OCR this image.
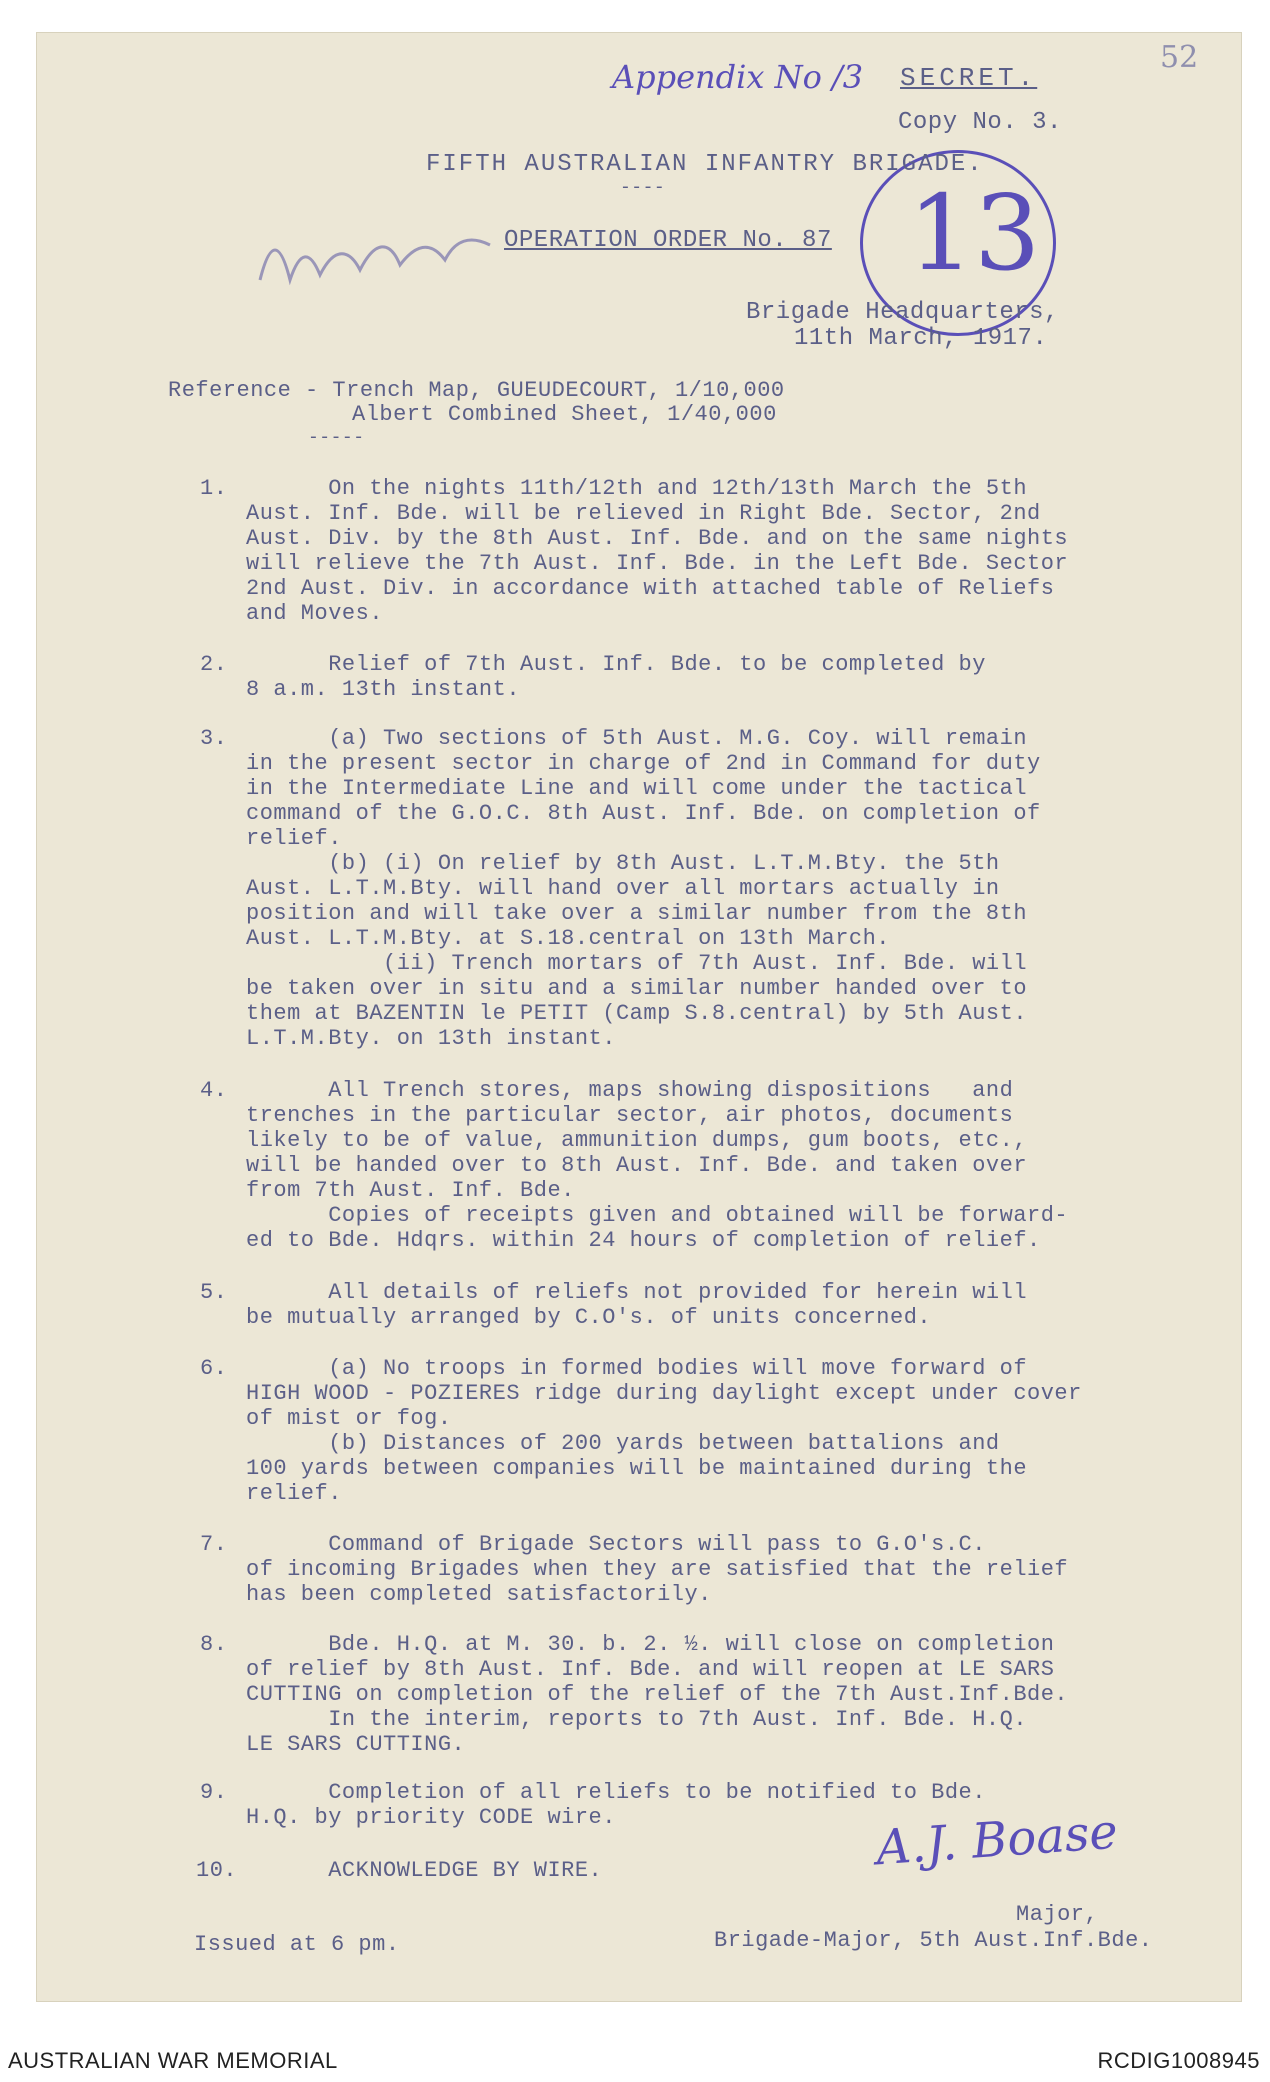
Appendix No /3 SECRET.
Copy No. 3.
52
13
FIFTH AUSTRALIAN INFANTRY BRIGADE.
----
OPERATION ORDER No. 87
Brigade Headquarters,
11th March, 1917.
Reference - Trench Map, GUEUDECOURT, 1/10,000
Albert Combined Sheet, 1/40,000
-----
1. On the nights 11th/12th and 12th/13th March the 5th

Aust. Inf. Bde. will be relieved in Right Bde. Sector, 2nd

Aust. Div. by the 8th Aust. Inf. Bde. and on the same nights

will relieve the 7th Aust. Inf. Bde. in the Left Bde. Sector

2nd Aust. Div. in accordance with attached table of Reliefs

and Moves.

2. Relief of 7th Aust. Inf. Bde. to be completed by

8 a.m. 13th instant.

3. (a) Two sections of 5th Aust. M.G. Coy. will remain

in the present sector in charge of 2nd in Command for duty

in the Intermediate Line and will come under the tactical

command of the G.O.C. 8th Aust. Inf. Bde. on completion of

relief.

(b) (i) On relief by 8th Aust. L.T.M.Bty. the 5th

Aust. L.T.M.Bty. will hand over all mortars actually in

position and will take over a similar number from the 8th

Aust. L.T.M.Bty. at S.18.central on 13th March.

(ii) Trench mortars of 7th Aust. Inf. Bde. will

be taken over in situ and a similar number handed over to

them at BAZENTIN le PETIT (Camp S.8.central) by 5th Aust.

L.T.M.Bty. on 13th instant.

4. All Trench stores, maps showing dispositions   and

trenches in the particular sector, air photos, documents

likely to be of value, ammunition dumps, gum boots, etc.,

will be handed over to 8th Aust. Inf. Bde. and taken over

from 7th Aust. Inf. Bde.

Copies of receipts given and obtained will be forward-

ed to Bde. Hdqrs. within 24 hours of completion of relief.

5. All details of reliefs not provided for herein will

be mutually arranged by C.O's. of units concerned.

6. (a) No troops in formed bodies will move forward of

HIGH WOOD - POZIERES ridge during daylight except under cover

of mist or fog.

(b) Distances of 200 yards between battalions and

100 yards between companies will be maintained during the

relief.

7. Command of Brigade Sectors will pass to G.O's.C.

of incoming Brigades when they are satisfied that the relief

has been completed satisfactorily.

8. Bde. H.Q. at M. 30. b. 2. ½. will close on completion

of relief by 8th Aust. Inf. Bde. and will reopen at LE SARS

CUTTING on completion of the relief of the 7th Aust.Inf.Bde.

In the interim, reports to 7th Aust. Inf. Bde. H.Q.

LE SARS CUTTING.

9. Completion of all reliefs to be notified to Bde.

H.Q. by priority CODE wire.

10. ACKNOWLEDGE BY WIRE.	A.J. Boase
Major,
Brigade-Major, 5th Aust.Inf.Bde.
Issued at 6 pm.
AUSTRALIAN WAR MEMORIAL	RCDIG1008945
